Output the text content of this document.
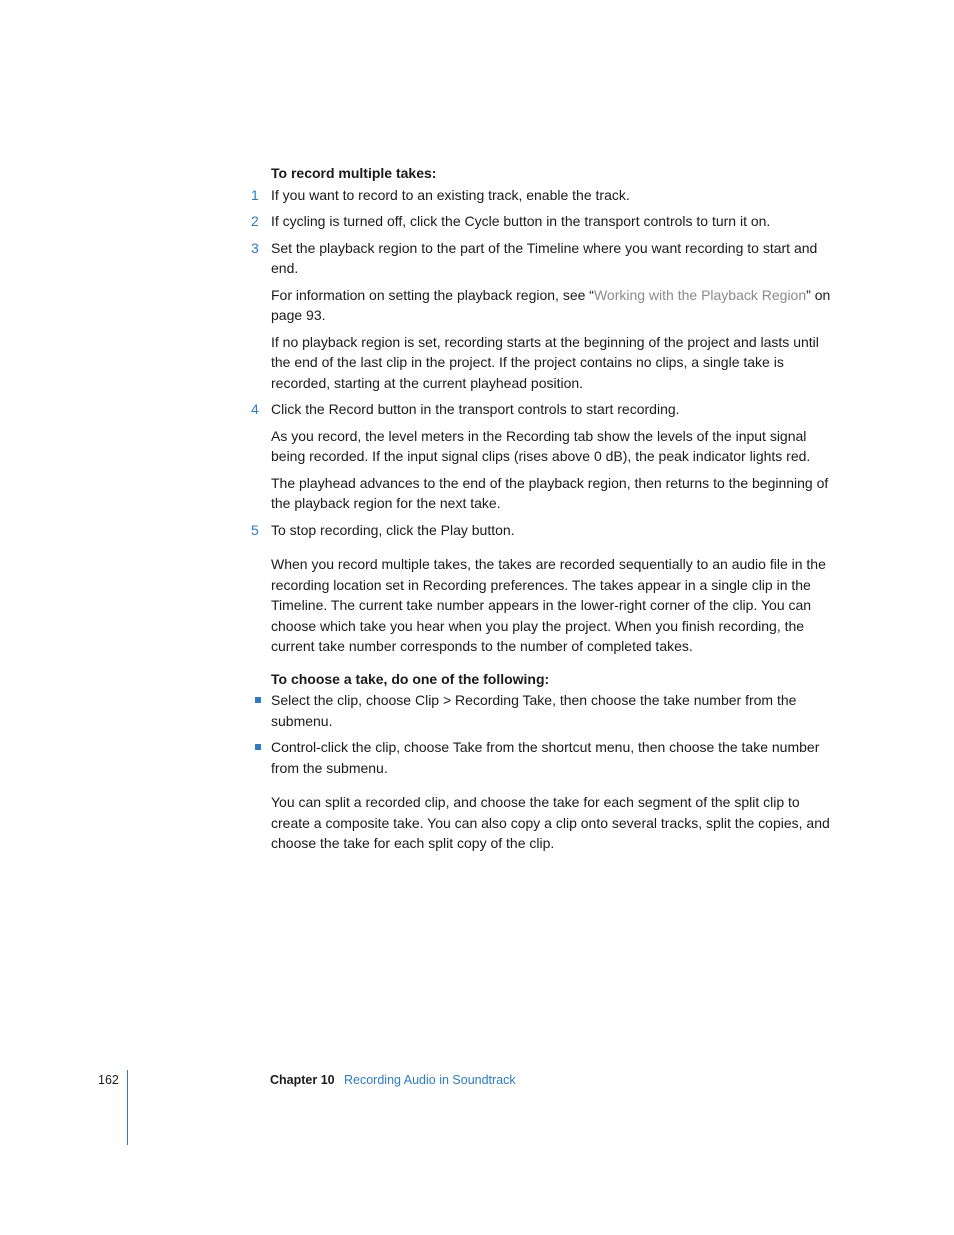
To record multiple takes:
1 If you want to record to an existing track, enable the track.
2 If cycling is turned off, click the Cycle button in the transport controls to turn it on.
3 Set the playback region to the part of the Timeline where you want recording to start and end.
For information on setting the playback region, see “Working with the Playback Region” on page 93.
If no playback region is set, recording starts at the beginning of the project and lasts until the end of the last clip in the project. If the project contains no clips, a single take is recorded, starting at the current playhead position.
4 Click the Record button in the transport controls to start recording.
As you record, the level meters in the Recording tab show the levels of the input signal being recorded. If the input signal clips (rises above 0 dB), the peak indicator lights red.
The playhead advances to the end of the playback region, then returns to the beginning of the playback region for the next take.
5 To stop recording, click the Play button.
When you record multiple takes, the takes are recorded sequentially to an audio file in the recording location set in Recording preferences. The takes appear in a single clip in the Timeline. The current take number appears in the lower-right corner of the clip. You can choose which take you hear when you play the project. When you finish recording, the current take number corresponds to the number of completed takes.
To choose a take, do one of the following:
Select the clip, choose Clip > Recording Take, then choose the take number from the submenu.
Control-click the clip, choose Take from the shortcut menu, then choose the take number from the submenu.
You can split a recorded clip, and choose the take for each segment of the split clip to create a composite take. You can also copy a clip onto several tracks, split the copies, and choose the take for each split copy of the clip.
162	Chapter 10 Recording Audio in Soundtrack
